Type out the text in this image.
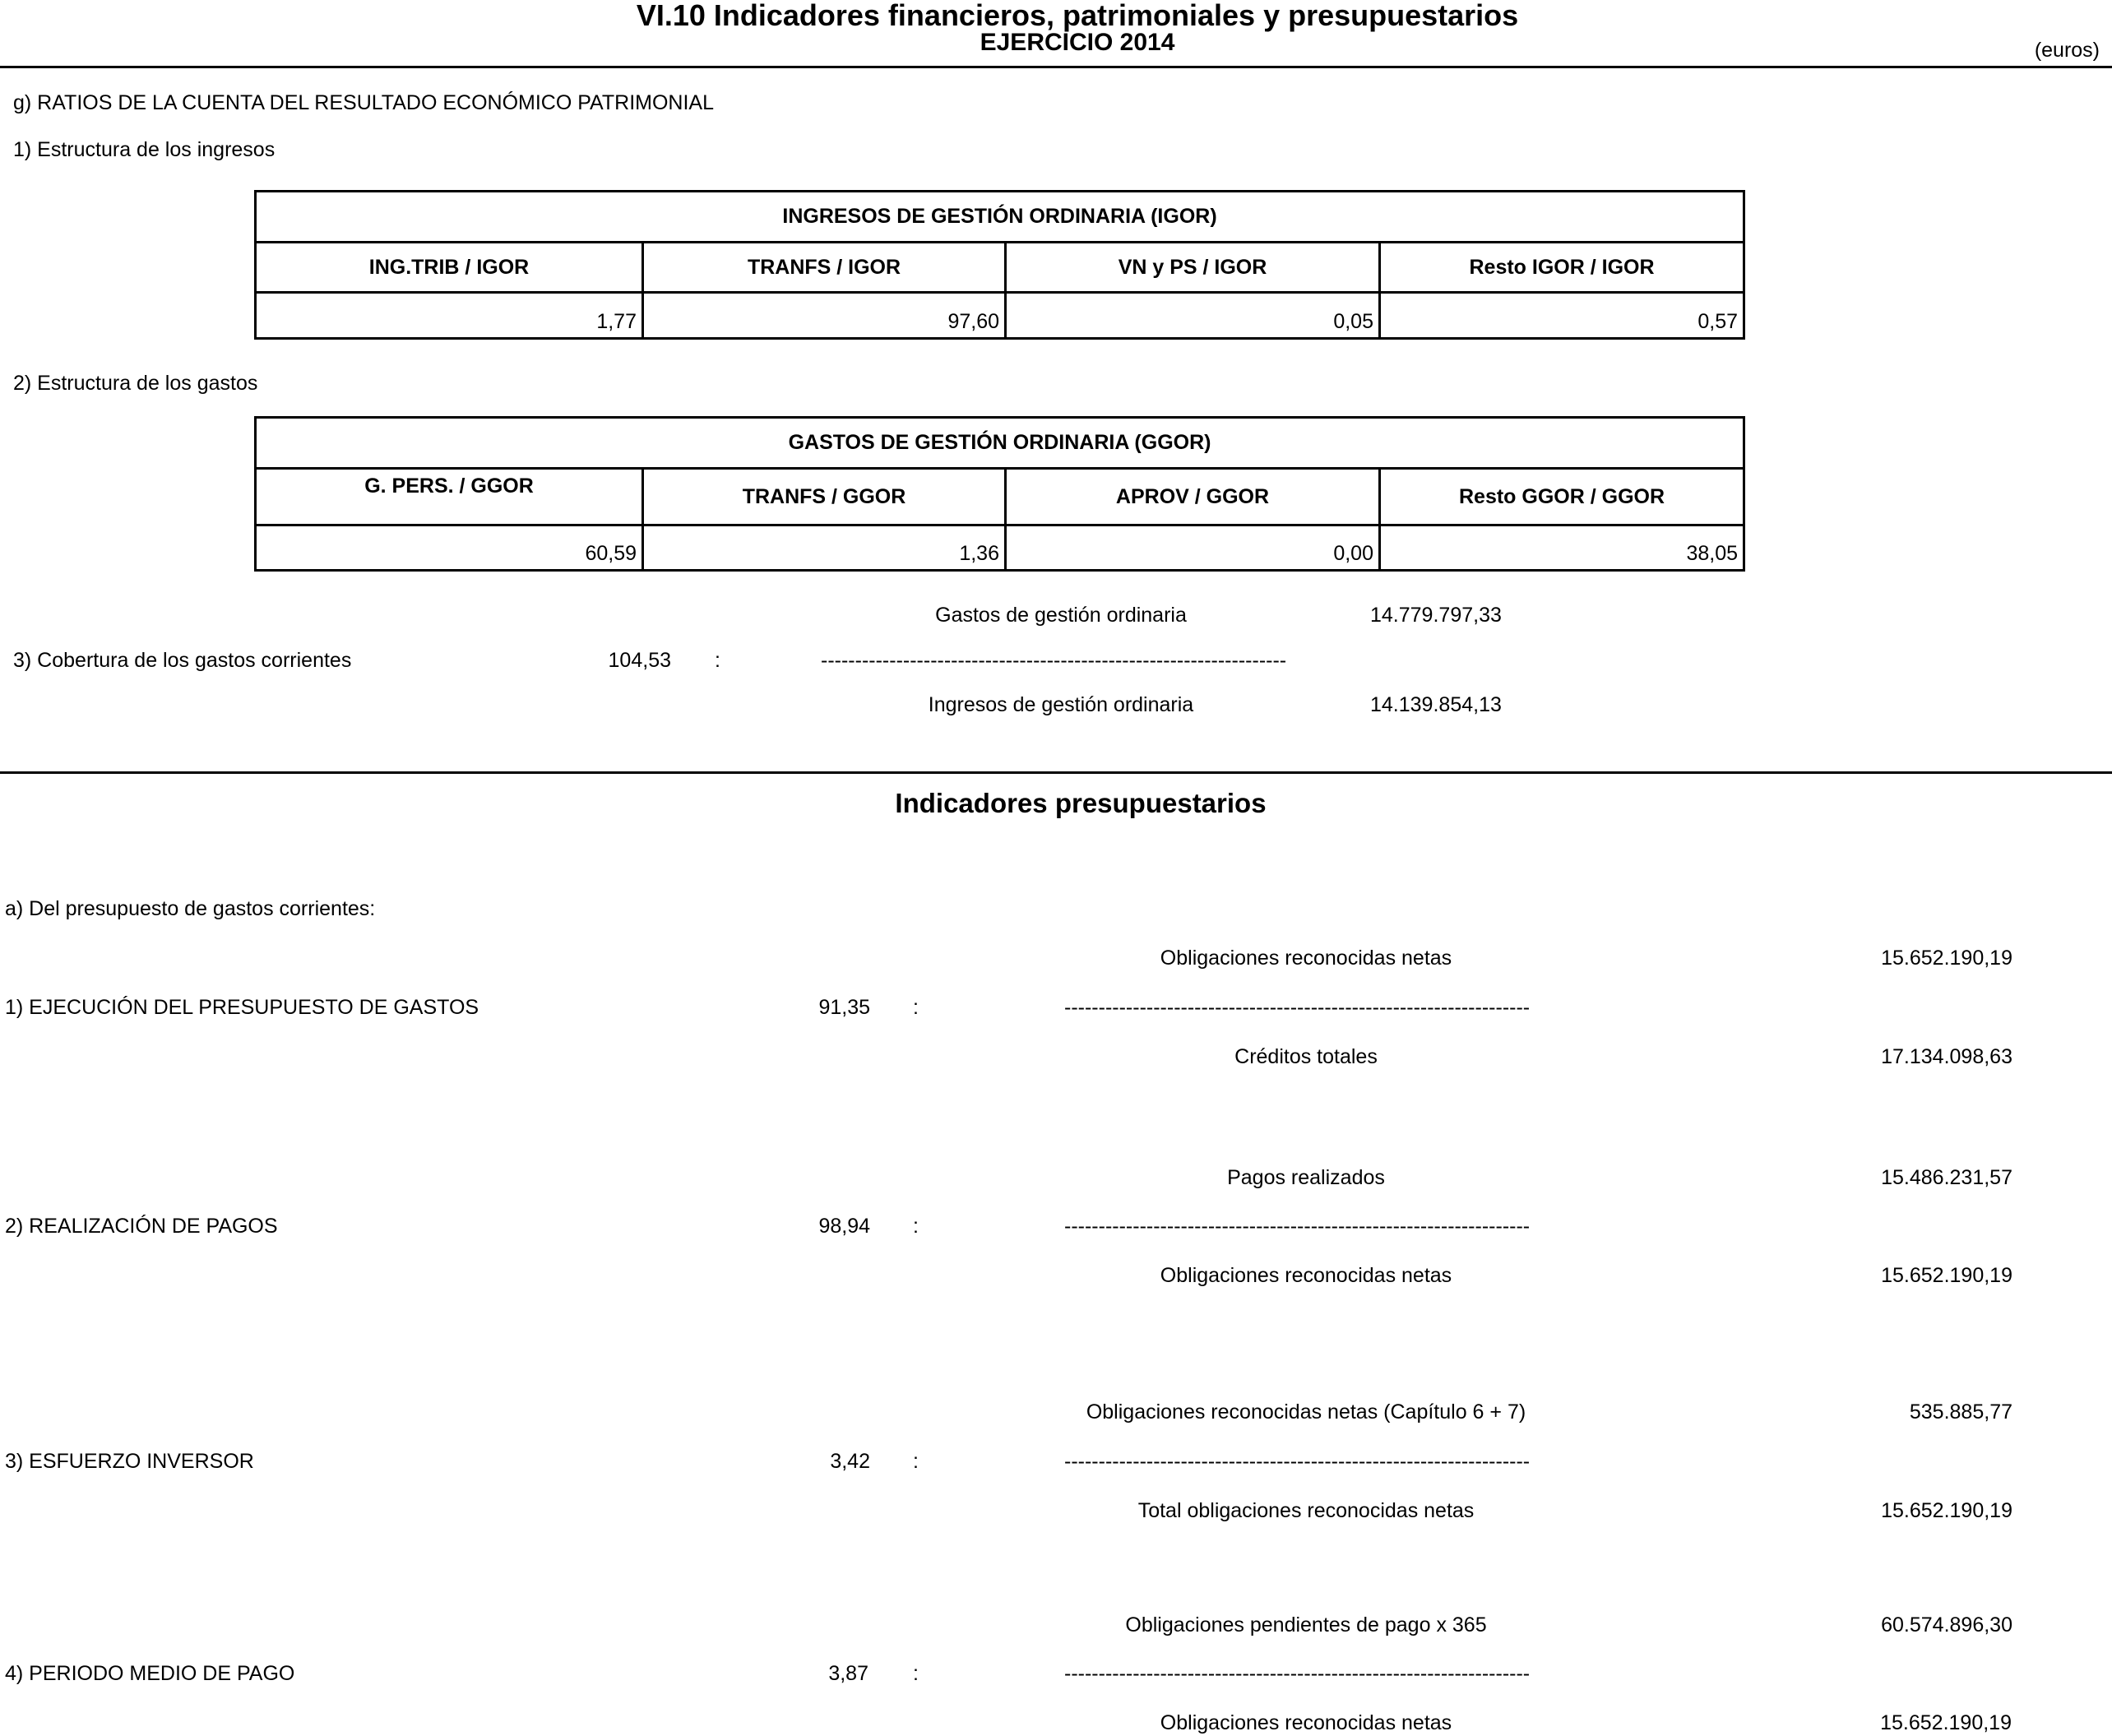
VI.10 Indicadores financieros, patrimoniales y presupuestarios
EJERCICIO 2014	(euros)
g) RATIOS DE LA CUENTA DEL RESULTADO ECONÓMICO PATRIMONIAL
1) Estructura de los ingresos
INGRESOS DE GESTIÓN ORDINARIA (IGOR)			
ING.TRIB / IGOR	TRANFS / IGOR	VN y PS / IGOR	Resto IGOR / IGOR
1,77	97,60	0,05	0,57
2) Estructura de los gastos
GASTOS DE GESTIÓN ORDINARIA (GGOR)			
G. PERS. / GGOR	TRANFS / GGOR	APROV / GGOR	Resto GGOR / GGOR
60,59	1,36	0,00	38,05
Gastos de gestión ordinaria	14.779.797,33
3) Cobertura de los gastos corrientes	104,53 :	--------------------------------------------------------------------
Ingresos de gestión ordinaria	14.139.854,13
Indicadores presupuestarios
a) Del presupuesto de gastos corrientes:
Obligaciones reconocidas netas	15.652.190,19
1) EJECUCIÓN DEL PRESUPUESTO DE GASTOS	91,35 :	--------------------------------------------------------------------
Créditos totales	17.134.098,63
Pagos realizados	15.486.231,57
2) REALIZACIÓN DE PAGOS	98,94 :	--------------------------------------------------------------------
Obligaciones reconocidas netas	15.652.190,19
Obligaciones reconocidas netas (Capítulo 6 + 7)	535.885,77
3) ESFUERZO INVERSOR	3,42 :	--------------------------------------------------------------------
Total obligaciones reconocidas netas	15.652.190,19
Obligaciones pendientes de pago x 365	60.574.896,30
4) PERIODO MEDIO DE PAGO	3,87 :	--------------------------------------------------------------------
Obligaciones reconocidas netas	15.652.190,19
